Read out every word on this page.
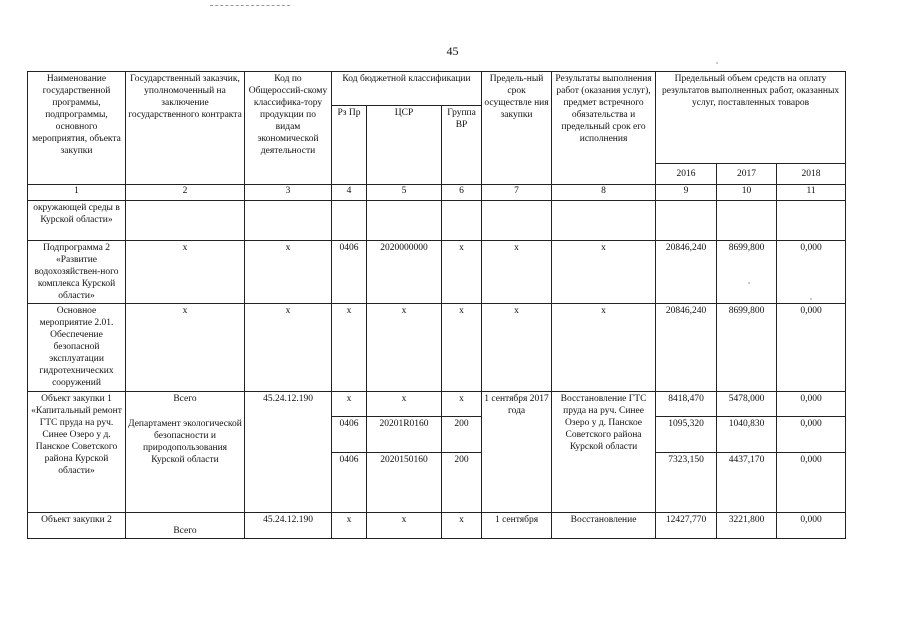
45
Наименование государственной программы, подпрограммы, основного мероприятия, объекта закупки	Государственный заказчик, уполномоченный на заключение государственного контракта	Код по Общероссий-скому классифика-тору продукции по видам экономической деятельности	Код бюджетной классификации			Предель-ный срок осуществле ния закупки	Результаты выполнения работ (оказания услуг), предмет встречного обязательства и предельный срок его исполнения	Предельный объем средств на оплату результатов выполненных работ, оказанных услуг, поставленных товаров		
			Рз Пр	ЦСР	Группа ВР					
								2016	2017	2018
1	2	3	4	5	6	7	8	9	10	11
окружающей среды в Курской области»										
Подпрограмма 2 «Развитие водохозяйствен-ного комплекса Курской области»	х	х	0406	2020000000	х	х	х	20846,240	8699,800	0,000
Основное мероприятие 2.01. Обеспечение безопасной эксплуатации гидротехнических сооружений	х	х	х	х	х	х	х	20846,240	8699,800	0,000
Объект закупки 1 «Капитальный ремонт ГТС пруда на руч. Синее Озеро у д. Панское Советского района Курской области»	Всего	45.24.12.190	х	х	х	1 сентября 2017 года	Восстановление ГТС пруда на руч. Синее Озеро у д. Панское Советского района Курской области	8418,470	5478,000	0,000
	Департамент экологической безопасности и природопользования Курской области		0406	20201R0160	200			1095,320	1040,830	0,000
			0406	2020150160	200			7323,150	4437,170	0,000
Объект закупки 2	Всего	45.24.12.190	х	х	х	1 сентября	Восстановление	12427,770	3221,800	0,000
